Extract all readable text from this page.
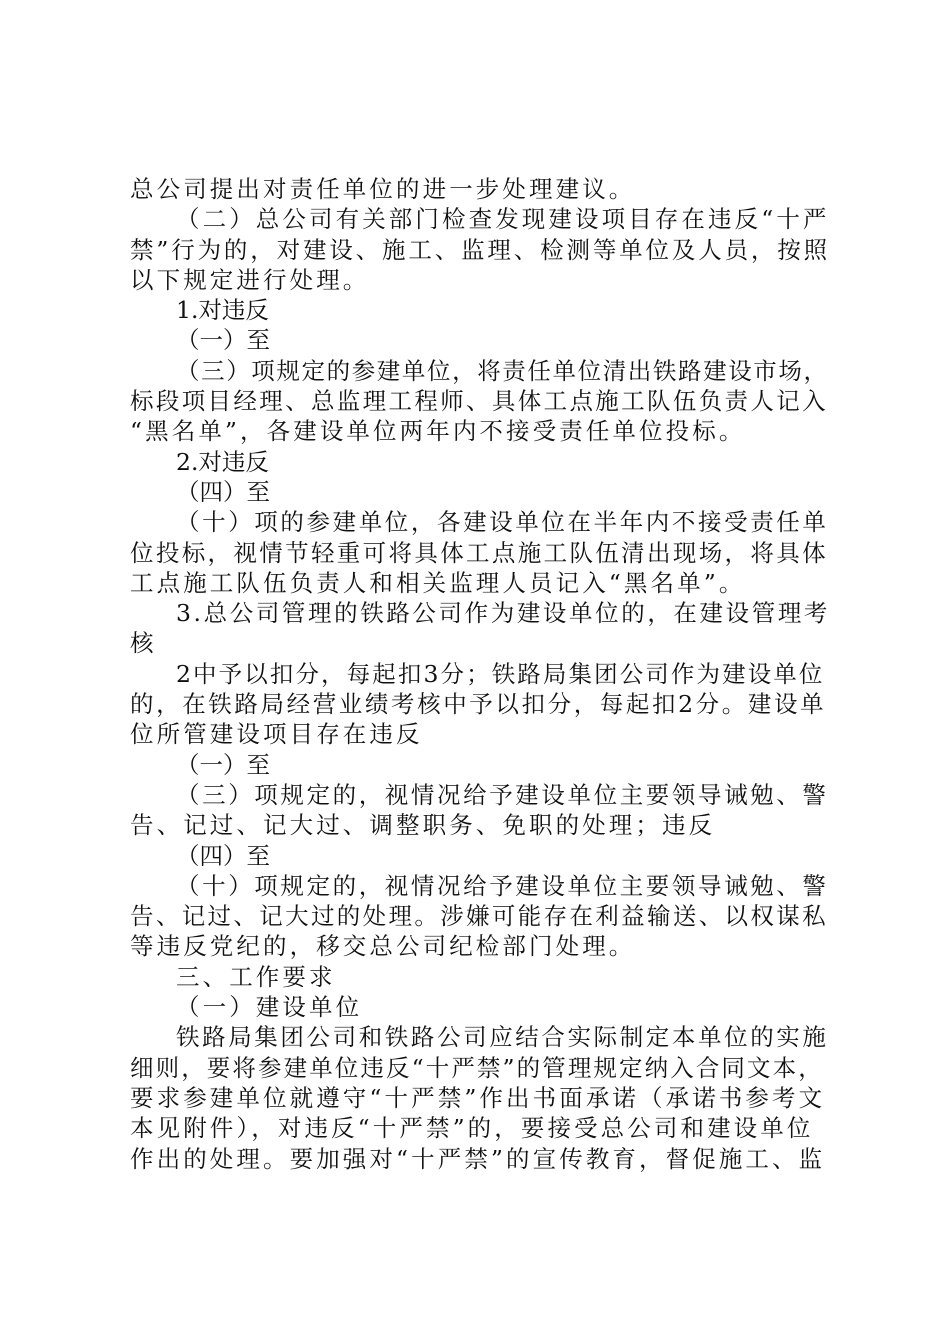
总公司提出对责任单位的进一步处理建议。
（二）总公司有关部门检查发现建设项目存在违反“十严
禁”行为的，对建设、施工、监理、检测等单位及人员，按照
以下规定进行处理。
1.对违反
（一）至
（三）项规定的参建单位，将责任单位清出铁路建设市场，
标段项目经理、总监理工程师、具体工点施工队伍负责人记入
“黑名单”，各建设单位两年内不接受责任单位投标。
2.对违反
（四）至
（十）项的参建单位，各建设单位在半年内不接受责任单
位投标，视情节轻重可将具体工点施工队伍清出现场，将具体
工点施工队伍负责人和相关监理人员记入“黑名单”。
3.总公司管理的铁路公司作为建设单位的，在建设管理考
核
2中予以扣分，每起扣3分；铁路局集团公司作为建设单位
的，在铁路局经营业绩考核中予以扣分，每起扣2分。建设单
位所管建设项目存在违反
（一）至
（三）项规定的，视情况给予建设单位主要领导诫勉、警
告、记过、记大过、调整职务、免职的处理；违反
（四）至
（十）项规定的，视情况给予建设单位主要领导诫勉、警
告、记过、记大过的处理。涉嫌可能存在利益输送、以权谋私
等违反党纪的，移交总公司纪检部门处理。
三、工作要求
（一）建设单位
铁路局集团公司和铁路公司应结合实际制定本单位的实施
细则，要将参建单位违反“十严禁”的管理规定纳入合同文本，
要求参建单位就遵守“十严禁”作出书面承诺（承诺书参考文
本见附件），对违反“十严禁”的，要接受总公司和建设单位
作出的处理。要加强对“十严禁”的宣传教育，督促施工、监
